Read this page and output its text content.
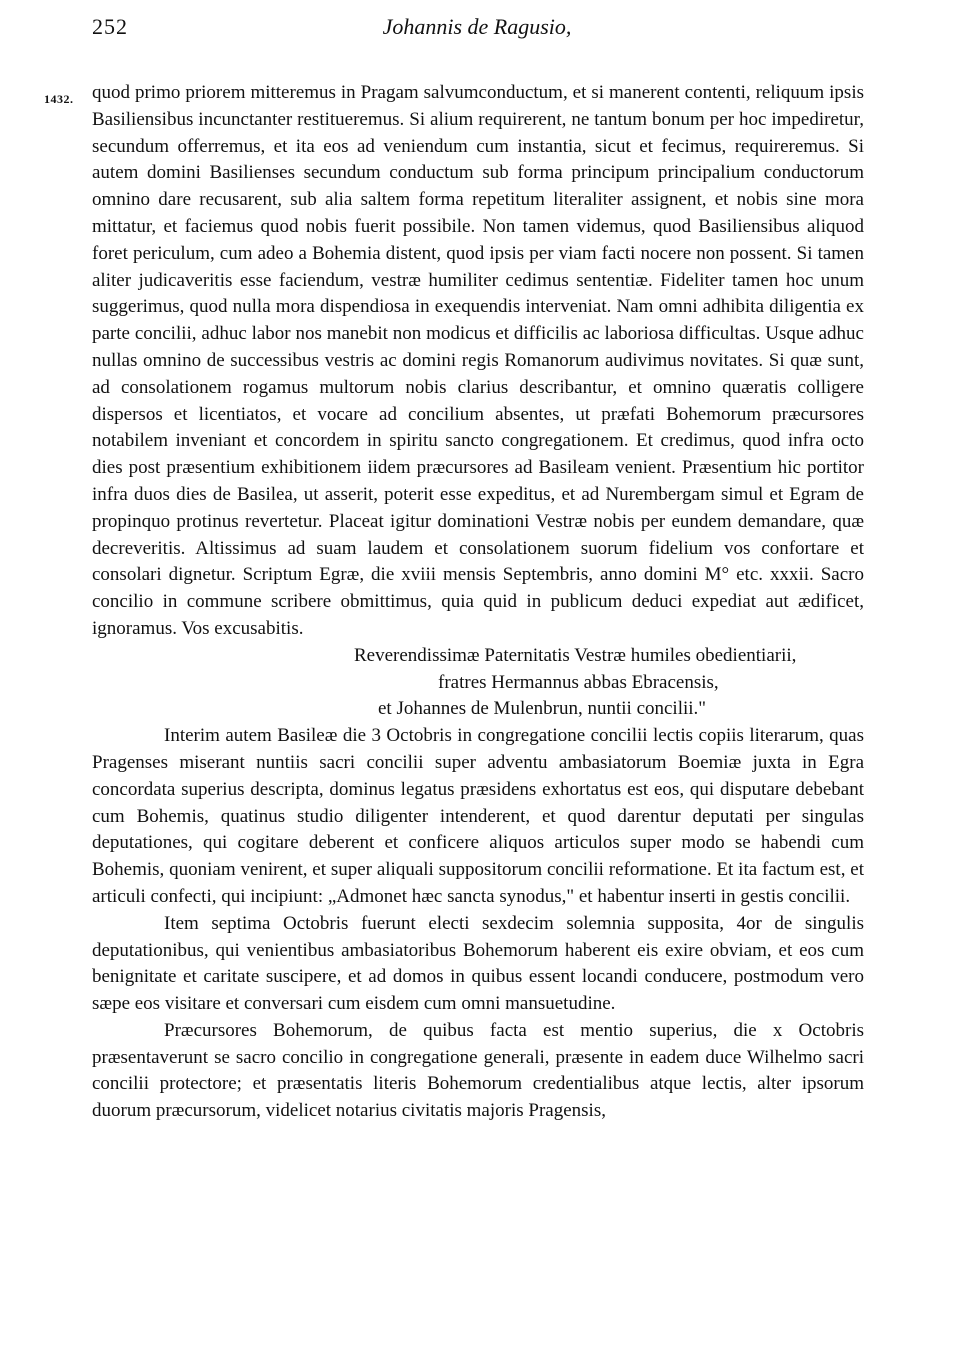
252	Johannis de Ragusio,
1432. quod primo priorem mitteremus in Pragam salvumconductum, et si manerent contenti, reliquum ipsis Basiliensibus incunctanter restitueremus. Si alium requirerent, ne tantum bonum per hoc impediretur, secundum offerremus, et ita eos ad veniendum cum instantia, sicut et fecimus, requireremus. Si autem domini Basilienses secundum conductum sub forma principum principalium conductorum omnino dare recusarent, sub alia saltem forma repetitum literaliter assignent, et nobis sine mora mittatur, et faciemus quod nobis fuerit possibile. Non tamen videmus, quod Basiliensibus aliquod foret periculum, cum adeo a Bohemia distent, quod ipsis per viam facti nocere non possent. Si tamen aliter judicaveritis esse faciendum, vestræ humiliter cedimus sententiæ. Fideliter tamen hoc unum suggerimus, quod nulla mora dispendiosa in exequendis interveniat. Nam omni adhibita diligentia ex parte concilii, adhuc labor nos manebit non modicus et difficilis ac laboriosa difficultas. Usque adhuc nullas omnino de successibus vestris ac domini regis Romanorum audivimus novitates. Si quæ sunt, ad consolationem rogamus multorum nobis clarius describantur, et omnino quæratis colligere dispersos et licentiatos, et vocare ad concilium absentes, ut præfati Bohemorum præcursores notabilem inveniant et concordem in spiritu sancto congregationem. Et credimus, quod infra octo dies post præsentium exhibitionem iidem præcursores ad Basileam venient. Præsentium hic portitor infra duos dies de Basilea, ut asserit, poterit esse expeditus, et ad Nurembergam simul et Egram de propinquo protinus revertetur. Placeat igitur dominationi Vestræ nobis per eundem demandare, quæ decreveritis. Altissimus ad suam laudem et consolationem suorum fidelium vos confortare et consolari dignetur. Scriptum Egræ, die xviii mensis Septembris, anno domini M° etc. xxxii. Sacro concilio in commune scribere obmittimus, quia quid in publicum deduci expediat aut ædificet, ignoramus. Vos excusabitis.

Reverendissimæ Paternitatis Vestræ humiles obedientiarii,
fratres Hermannus abbas Ebracensis,
et Johannes de Mulenbrun, nuntii concilii."

Interim autem Basileæ die 3 Octobris in congregatione concilii lectis copiis literarum, quas Pragenses miserant nuntiis sacri concilii super adventu ambasiatorum Boemiæ juxta in Egra concordata superius descripta, dominus legatus præsidens exhortatus est eos, qui disputare debebant cum Bohemis, quatinus studio diligenter intenderent, et quod darentur deputati per singulas deputationes, qui cogitare deberent et conficere aliquos articulos super modo se habendi cum Bohemis, quoniam venirent, et super aliquali suppositorum concilii reformatione. Et ita factum est, et articuli confecti, qui incipiunt: „Admonet hæc sancta synodus," et habentur inserti in gestis concilii.

Item septima Octobris fuerunt electi sexdecim solemnia supposita, 4or de singulis deputationibus, qui venientibus ambasiatoribus Bohemorum haberent eis exire obviam, et eos cum benignitate et caritate suscipere, et ad domos in quibus essent locandi conducere, postmodum vero sæpe eos visitare et conversari cum eisdem cum omni mansuetudine.

Præcursores Bohemorum, de quibus facta est mentio superius, die x Octobris præsentaverunt se sacro concilio in congregatione generali, præsente in eadem duce Wilhelmo sacri concilii protectore; et præsentatis literis Bohemorum credentialibus atque lectis, alter ipsorum duorum præcursorum, videlicet notarius civitatis majoris Pragensis,
